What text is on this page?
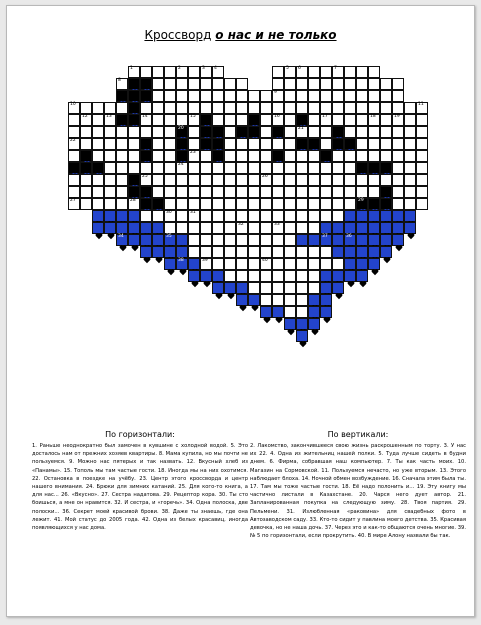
Кроссворд о нас и не только
1	2	3 4	5 6	7
8
9
10	11
12	13	14	15	16	17	18	19
20	21
22
23
24
25	26
27	28	29
30	31
32	33
34	35	37	36
38	39	40
По горизонтали:

1. Раньше неоднократно был замочен в кувшине с холодной водой. 5. Это досталось нам от прежних хозяев квартиры. 8. Мама купила, но мы почти не пользуемся. 9. Можно нас пятерых и так назвать. 12. Вкусный хлеб из «Панамы». 15. Тополь мы там частые гости. 18. Иногда мы на них охотимся. 22. Остановка в поездке на учёбу. 23. Центр этого кроссворда и центр нашего внимания. 24. Брюки для зимних катаний. 25. Для кого-то книга, а для нас... 26. «Вкусно». 27. Сестра надатова. 29. Рецептор кора. 30. Ты сто боишься, а мне он нравится. 32. И сестра, и «горечь». 34. Одна полоска, две полоски... 36. Секрет моей красивой брови. 38. Даже ты знаешь, где она лежит. 41. Мой статус до 2005 года. 42. Одна из белых красавиц, иногда появляющихся у нас дома.

По вертикали:

2. Лакомство, закончившееся свою жизнь раскрошенным по торту. 3. У нас их 22. 4. Одна из жительниц нашей полки. 5. Туда лучше сидеть в будни днем. 6. Фирма, собравшая наш компьютер. 7. Ты как часть моих. 10. Магазин на Сормовской. 11. Пользуемся нечасто, но уже вторым. 13. Этого наблюдает блоха. 14. Ночной обмен возбуждение. 16. Сначала этим была ты. 17. Там мы тоже частые гости. 18. Её надо полонить и... 19. Эту книгу мы частично листали в Казахстане. 20. Чарся него дует автор. 21. Запланированная покупка на следующую зиму. 28. Твоя партия. 29. Пельмени. 31. Излюбленная «раковина» для свадебных фото в Автозаводском саду. 33. Кто-то сидит у павлина моего детства. 35. Красивая девочка, но не наша дочь. 37. Через это и как-то общаются очень многие. 39. № 5 по горизонтали, если прокрутить. 40. В мире Алону назвали бы так.
